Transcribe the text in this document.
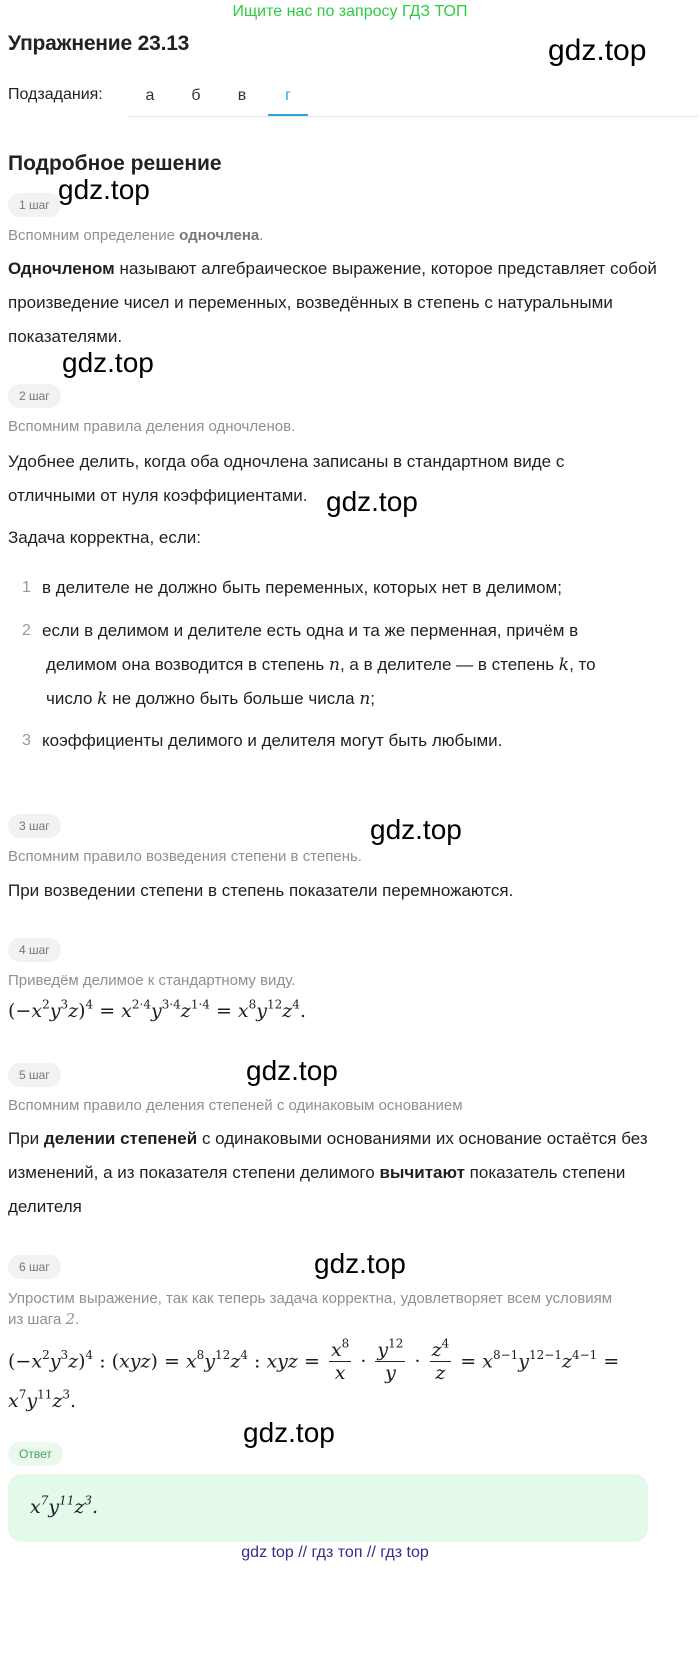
Ищите нас по запросу ГДЗ ТОП
Упражнение 23.13	gdz.top
Подзадания:	а	б	в	г
Подробное решение
1 шаг gdz.top
Вспомним определение одночлена.
Одночленом называют алгебраическое выражение, которое представляет собой произведение чисел и переменных, возведённых в степень с натуральными показателями.
gdz.top
2 шаг
Вспомним правила деления одночленов.
Удобнее делить, когда оба одночлена записаны в стандартном виде с отличными от нуля коэффициентами. gdz.top
Задача корректна, если:
1 в делителе не должно быть переменных, которых нет в делимом;
2 если в делимом и делителе есть одна и та же перменная, причём в
делимом она возводится в степень n, а в делителе — в степень k, то
число k не должно быть больше числа n;
3 коэффициенты делимого и делителя могут быть любыми.
3 шаг	gdz.top
Вспомним правило возведения степени в степень.
При возведении степени в степень показатели перемножаются.
4 шаг
Приведём делимое к стандартному виду.
$(-x^2y^3z)^4 = x^{2\cdot 4}y^{3\cdot 4}z^{1\cdot 4} = x^8y^{12}z^4$.
5 шаг	gdz.top
Вспомним правило деления степеней с одинаковым основанием
При делении степеней с одинаковыми основаниями их основание остаётся без изменений, а из показателя степени делимого вычитают показатель степени делителя
6 шаг	gdz.top
Упростим выражение, так как теперь задача корректна, удовлетворяет всем условиям
из шага 2.
$(-x^2y^3z)^4$ : $(xyz) = x^8y^{12}z^4$ : xyz = $\frac{x^8}{x} \cdot \frac{y^{12}}{y} \cdot \frac{z^4}{z} = x^{8-1}y^{12-1}z^{4-1}$ =
$x^7y^{11}z^3$.
gdz.top
Ответ
$x^7y^{11}z^3$.
gdz top // гдз топ // гдз top
